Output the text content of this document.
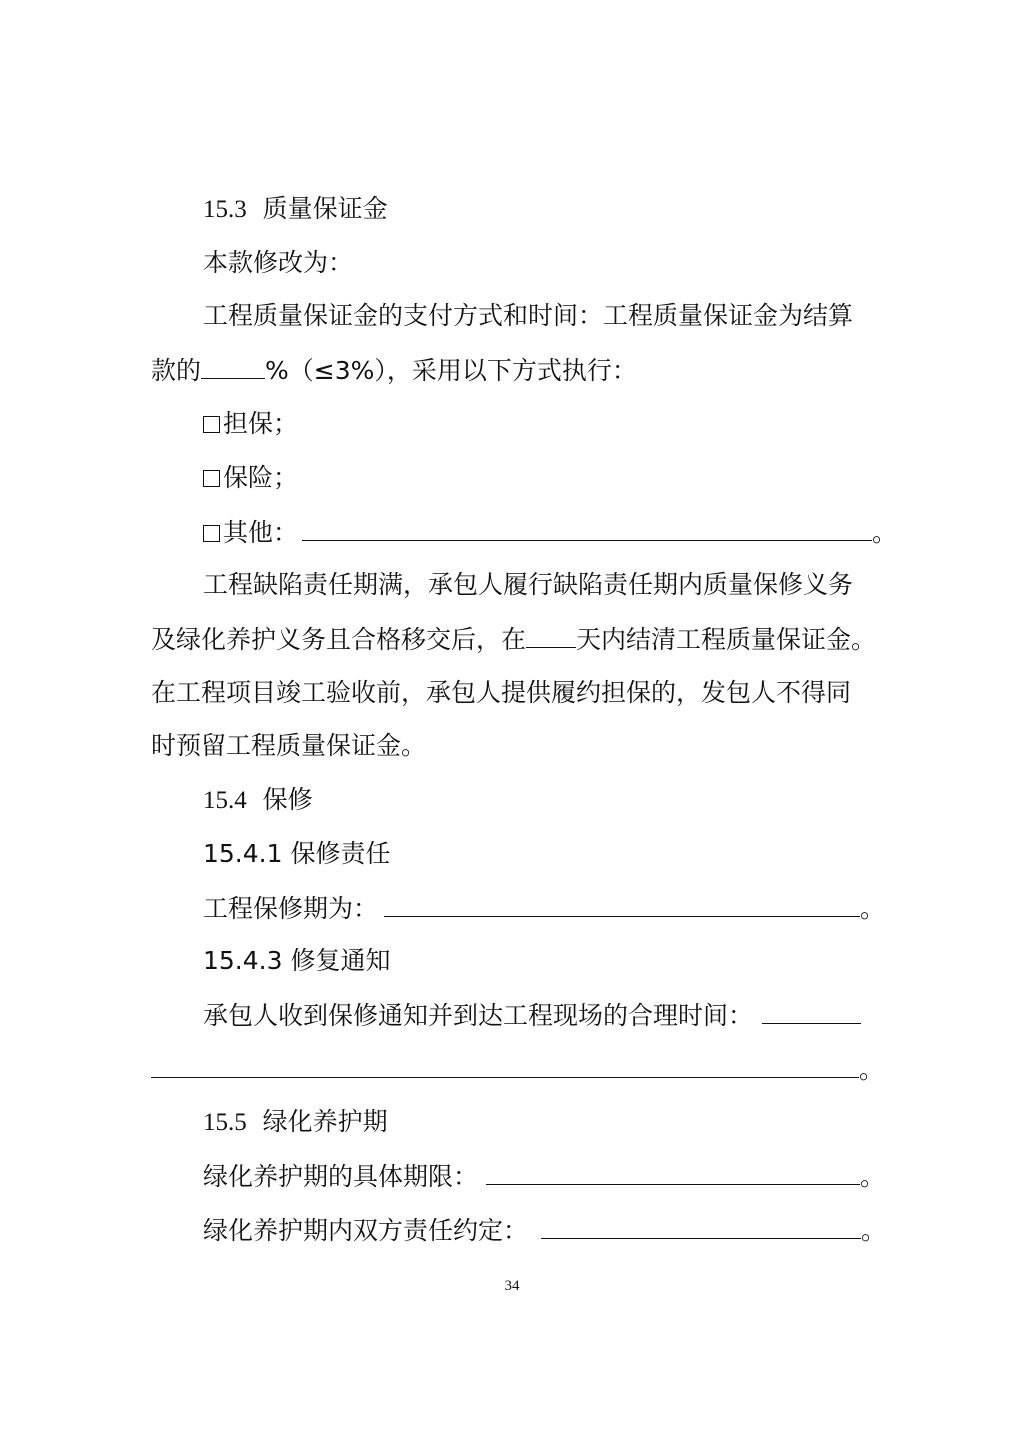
15.3 质量保证金
本款修改为：
工程质量保证金的支付方式和时间：工程质量保证金为结算
款的	%（≤3%），采用以下方式执行：
担保；
保险；
其他：	。
工程缺陷责任期满，承包人履行缺陷责任期内质量保修义务
及绿化养护义务且合格移交后，在 天内结清工程质量保证金。
在工程项目竣工验收前，承包人提供履约担保的，发包人不得同
时预留工程质量保证金。
15.4 保修
15.4.1 保修责任
工程保修期为：	。
15.4.3 修复通知
承包人收到保修通知并到达工程现场的合理时间：
。
15.5 绿化养护期
绿化养护期的具体期限：	。
绿化养护期内双方责任约定：	。
34
